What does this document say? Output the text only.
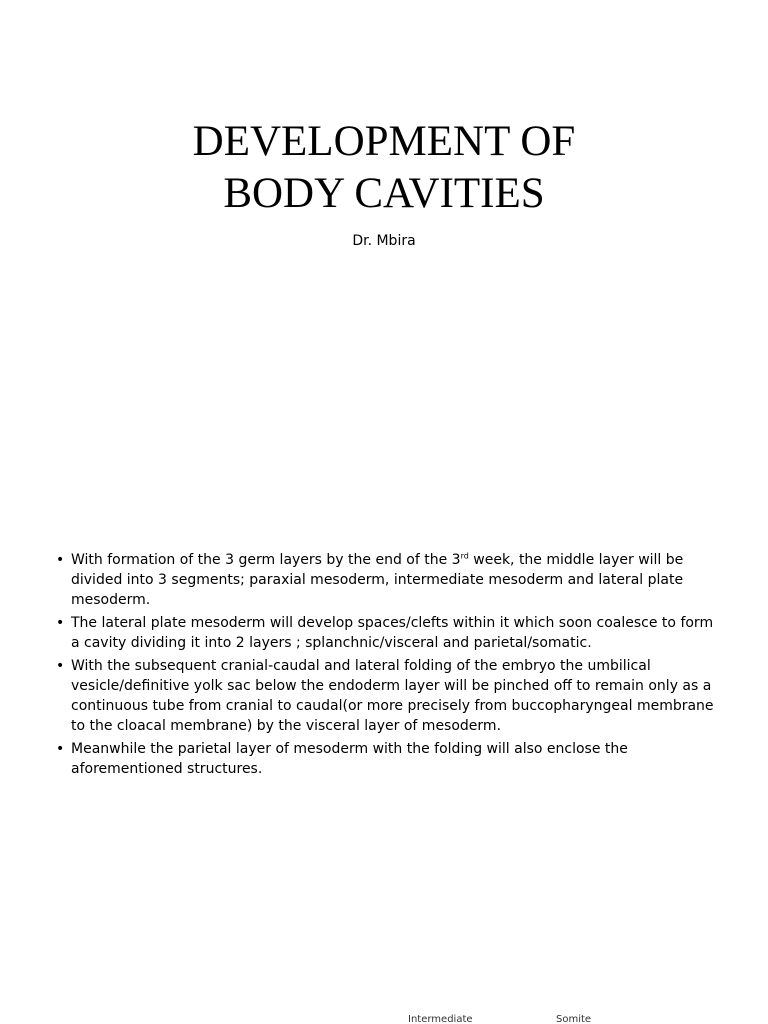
DEVELOPMENT OF
BODY CAVITIES
Dr. Mbira
• With formation of the 3 germ layers by the end of the 3rd week, the middle layer will be divided into 3 segments; paraxial mesoderm, intermediate mesoderm and lateral plate mesoderm.
• The lateral plate mesoderm will develop spaces/clefts within it which soon coalesce to form a cavity dividing it into 2 layers ; splanchnic/visceral and parietal/somatic.
• With the subsequent cranial-caudal and lateral folding of the embryo the umbilical vesicle/definitive yolk sac below the endoderm layer will be pinched off to remain only as a continuous tube from cranial to caudal(or more precisely from buccopharyngeal membrane to the cloacal membrane) by the visceral layer of mesoderm.
• Meanwhile the parietal layer of mesoderm with the folding will also enclose the aforementioned structures.
Intermediate	Somite
